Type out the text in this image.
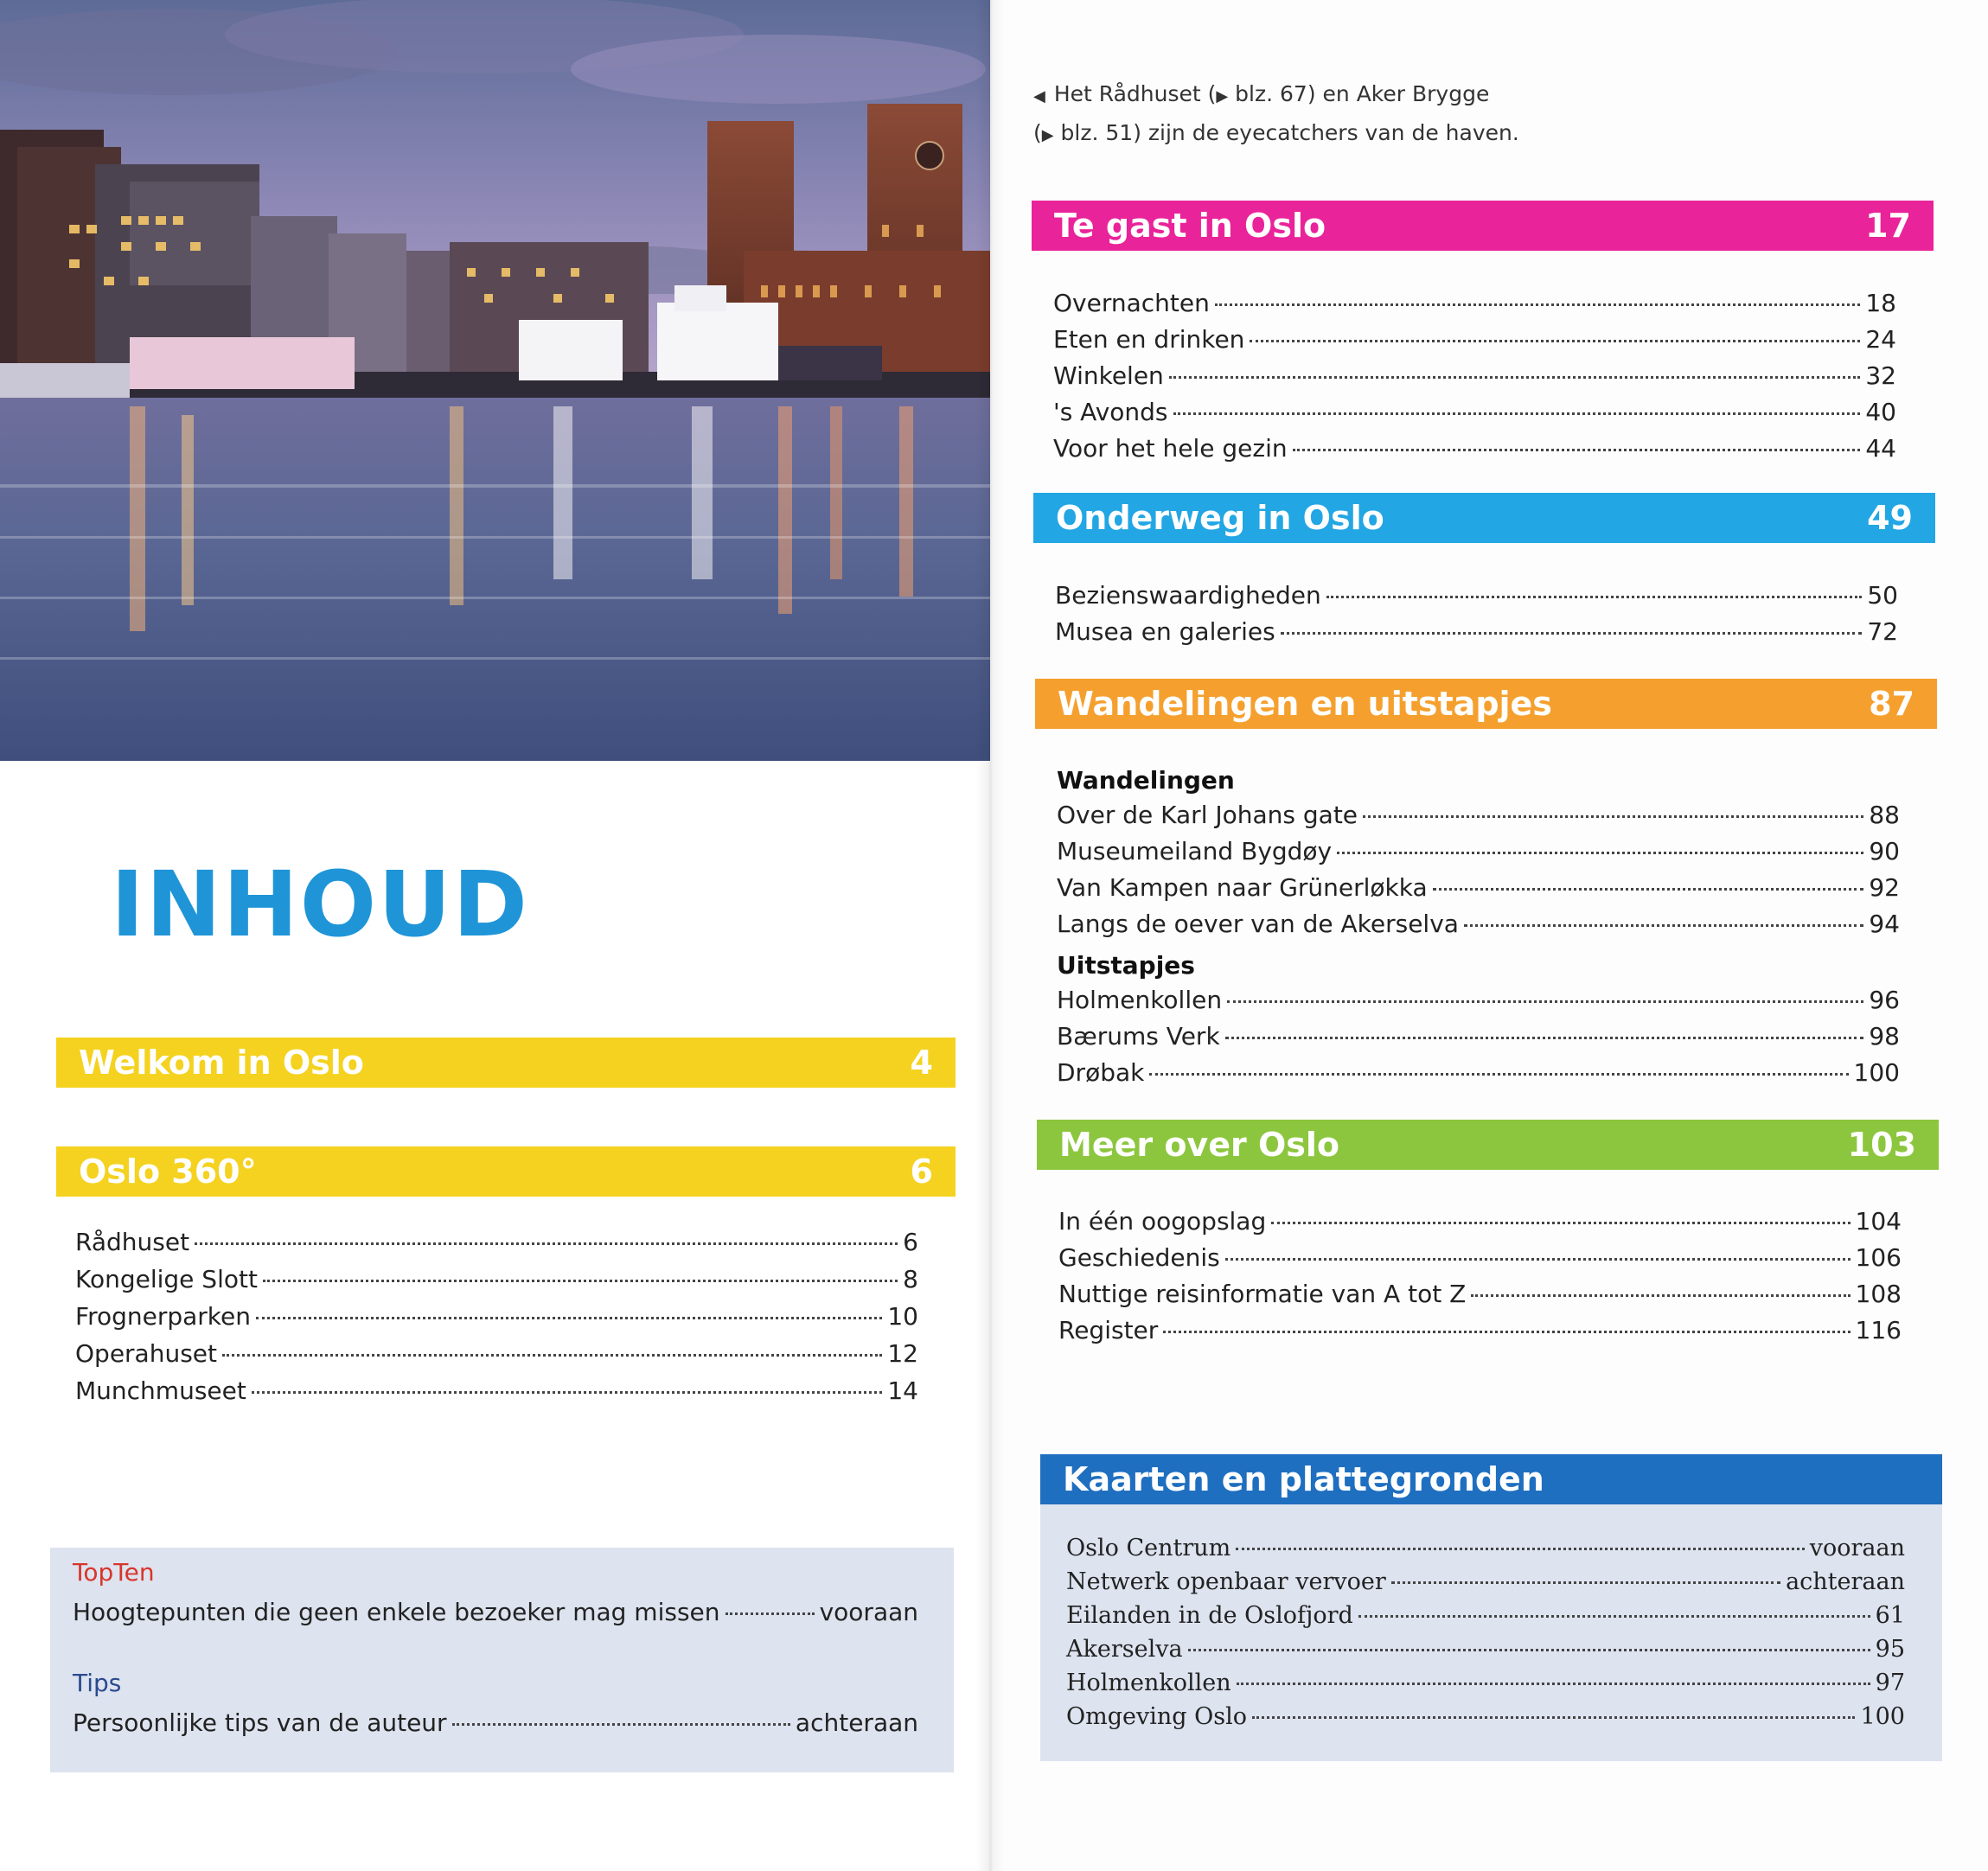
INHOUD
Welkom in Oslo	4
Oslo 360°	6
Rådhuset	6
Kongelige Slott	8
Frognerparken	10
Operahuset	12
Munchmuseet	14
TopTen
Hoogtepunten die geen enkele bezoeker mag missen	vooraan
Tips
Persoonlijke tips van de auteur	achteraan
◀ Het Rådhuset (▶ blz. 67) en Aker Brygge
(▶ blz. 51) zijn de eyecatchers van de haven.
Te gast in Oslo	17
Overnachten	18
Eten en drinken	24
Winkelen	32
's Avonds	40
Voor het hele gezin	44
Onderweg in Oslo	49
Bezienswaardigheden	50
Musea en galeries	72
Wandelingen en uitstapjes	87
Wandelingen
Over de Karl Johans gate	88
Museumeiland Bygdøy	90
Van Kampen naar Grünerløkka	92
Langs de oever van de Akerselva	94
Uitstapjes
Holmenkollen	96
Bærums Verk	98
Drøbak	100
Meer over Oslo	103
In één oogopslag	104
Geschiedenis	106
Nuttige reisinformatie van A tot Z	108
Register	116
Kaarten en plattegronden
Oslo Centrum	vooraan
Netwerk openbaar vervoer	achteraan
Eilanden in de Oslofjord	61
Akerselva	95
Holmenkollen	97
Omgeving Oslo	100
